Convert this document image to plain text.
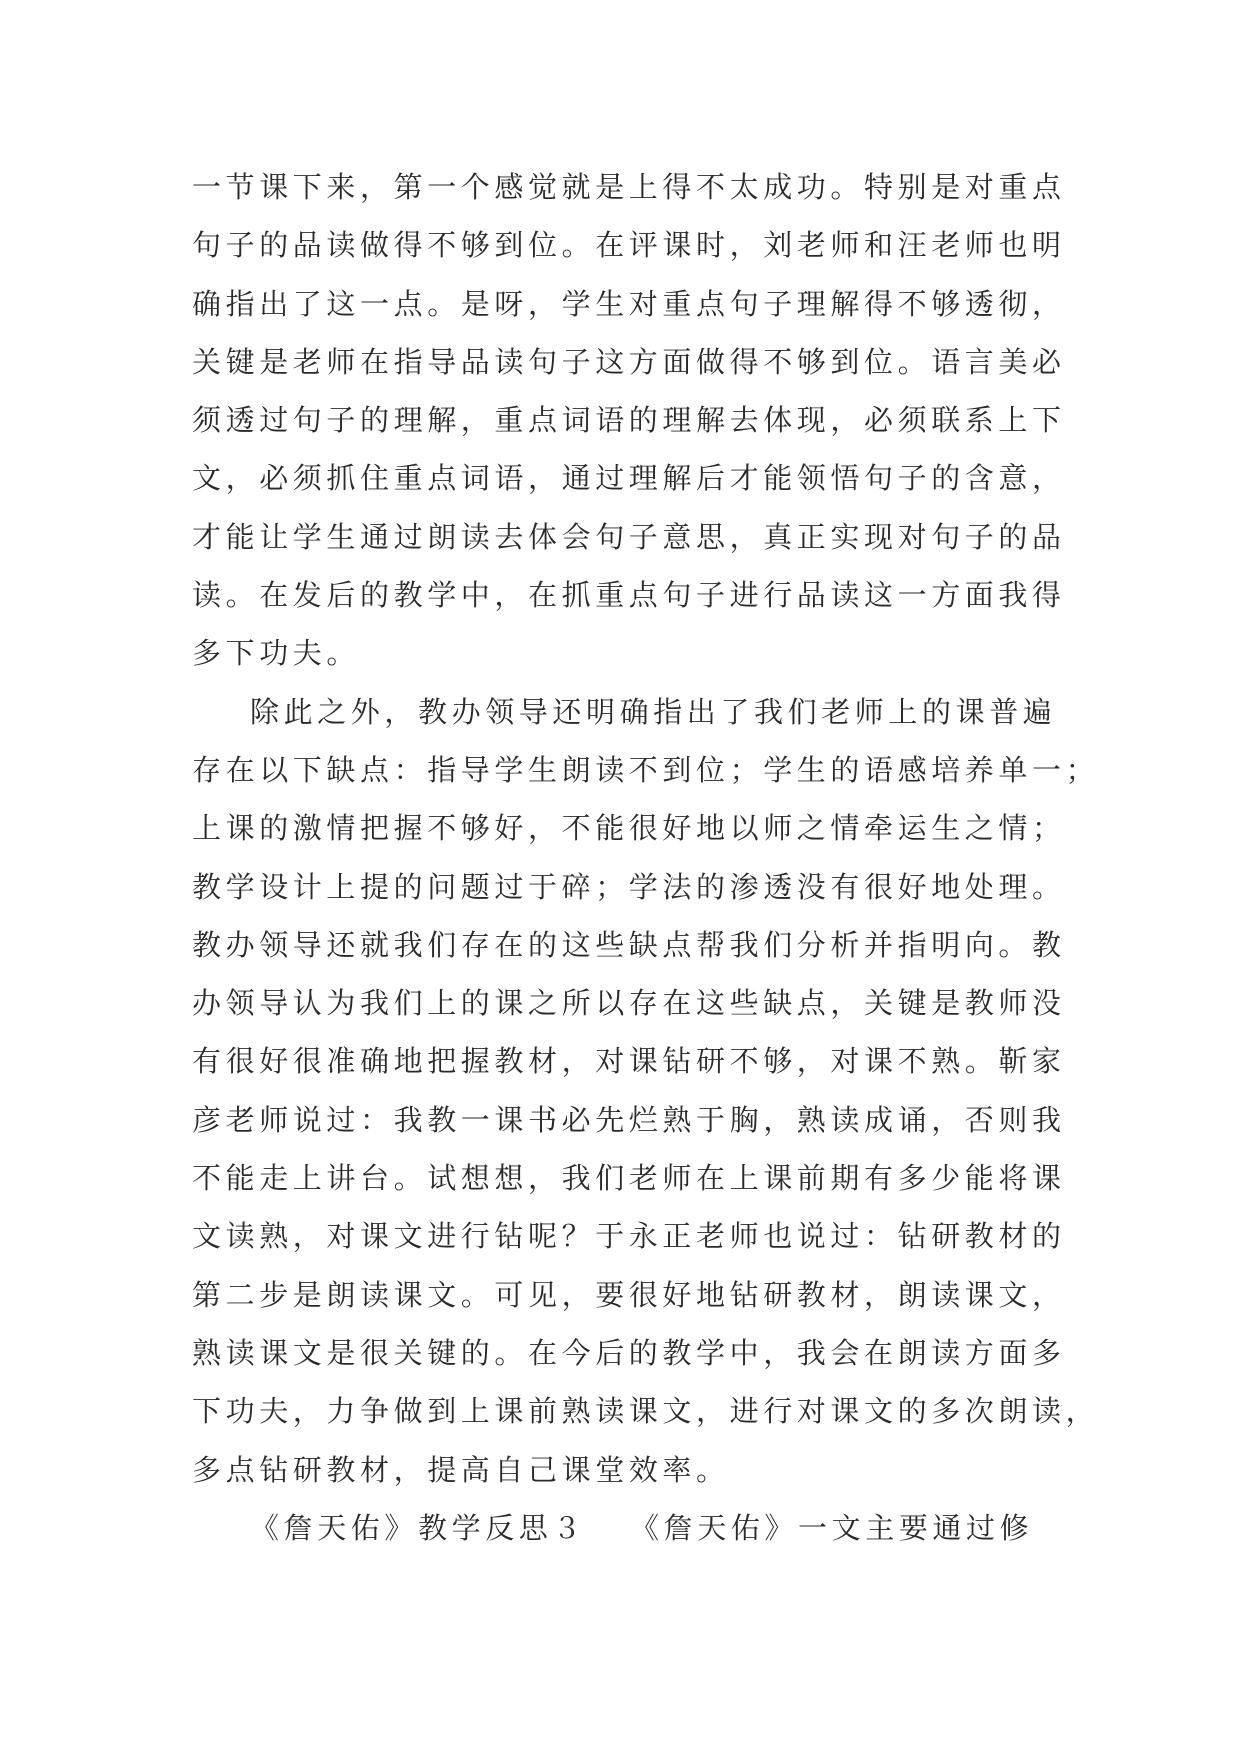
一节课下来，第一个感觉就是上得不太成功。特别是对重点
句子的品读做得不够到位。在评课时，刘老师和汪老师也明
确指出了这一点。是呀，学生对重点句子理解得不够透彻，
关键是老师在指导品读句子这方面做得不够到位。语言美必
须透过句子的理解，重点词语的理解去体现，必须联系上下
文，必须抓住重点词语，通过理解后才能领悟句子的含意，
才能让学生通过朗读去体会句子意思，真正实现对句子的品
读。在发后的教学中，在抓重点句子进行品读这一方面我得
多下功夫。
除此之外，教办领导还明确指出了我们老师上的课普遍
存在以下缺点：指导学生朗读不到位；学生的语感培养单一；
上课的激情把握不够好，不能很好地以师之情牵运生之情；
教学设计上提的问题过于碎；学法的渗透没有很好地处理。
教办领导还就我们存在的这些缺点帮我们分析并指明向。教
办领导认为我们上的课之所以存在这些缺点，关键是教师没
有很好很准确地把握教材，对课钻研不够，对课不熟。靳家
彦老师说过：我教一课书必先烂熟于胸，熟读成诵，否则我
不能走上讲台。试想想，我们老师在上课前期有多少能将课
文读熟，对课文进行钻呢？于永正老师也说过：钻研教材的
第二步是朗读课文。可见，要很好地钻研教材，朗读课文，
熟读课文是很关键的。在今后的教学中，我会在朗读方面多
下功夫，力争做到上课前熟读课文，进行对课文的多次朗读，
多点钻研教材，提高自己课堂效率。
《詹天佑》教学反思３ 《詹天佑》一文主要通过修
